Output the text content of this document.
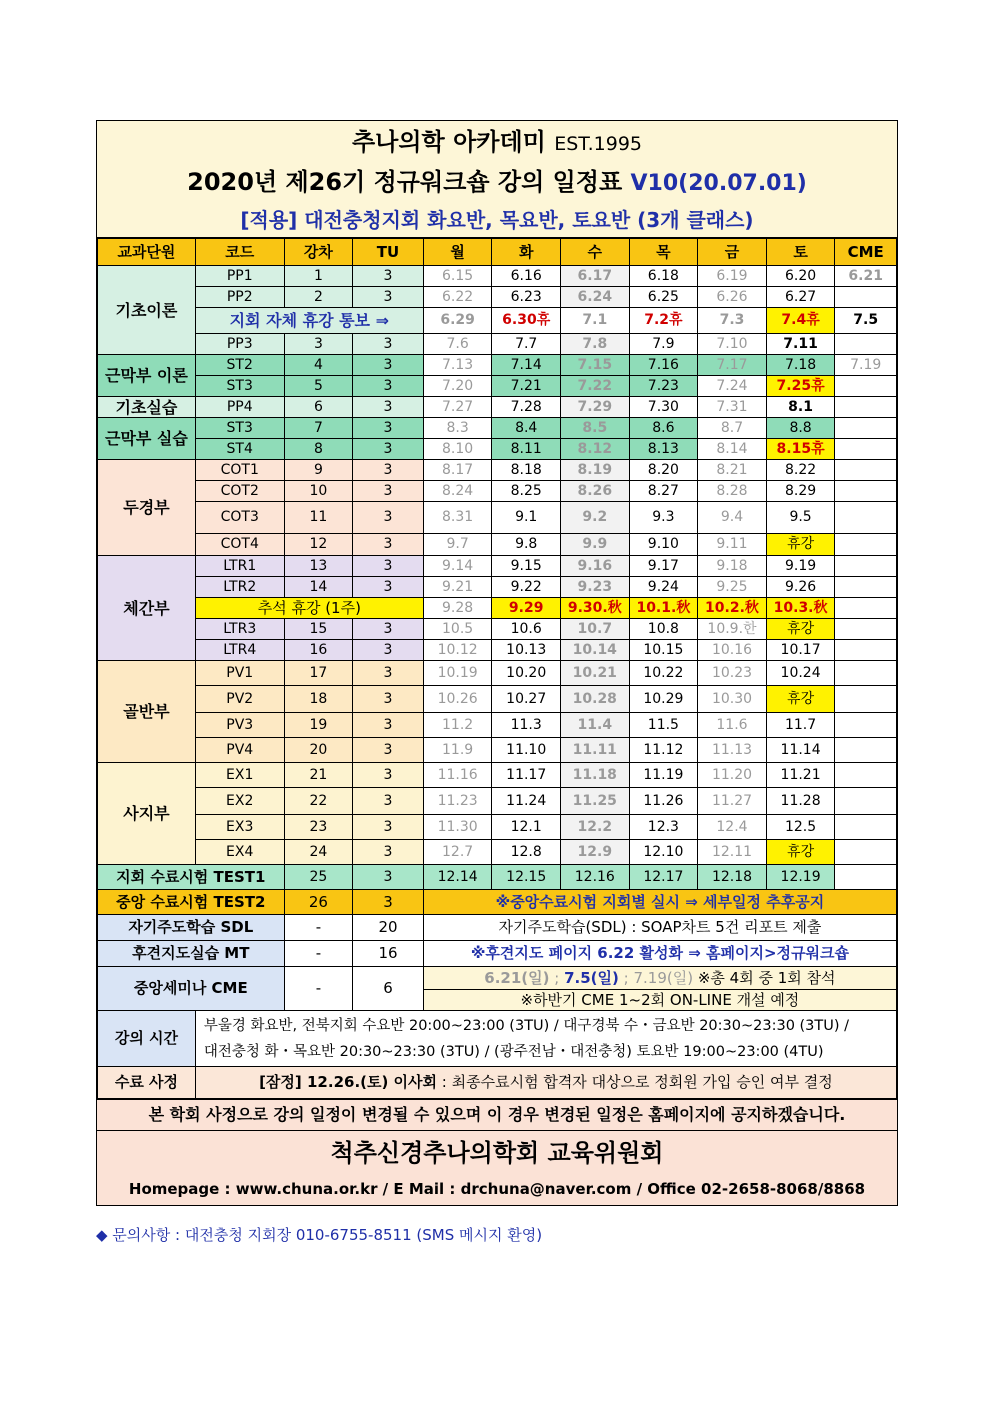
추나의학 아카데미 EST.1995
2020년 제26기 정규워크숍 강의 일정표 V10(20.07.01)
[적용] 대전충청지회 화요반, 목요반, 토요반 (3개 클래스)
교과단원	코드	강차	TU	월	화	수	목	금	토	CME
기초이론	PP1	1	3	6.15	6.16	6.17	6.18	6.19	6.20	6.21
	PP2	2	3	6.22	6.23	6.24	6.25	6.26	6.27	
	지회 자체 휴강 통보 ⇒			6.29	6.30휴	7.1	7.2휴	7.3	7.4휴	7.5
	PP3	3	3	7.6	7.7	7.8	7.9	7.10	7.11	
근막부 이론	ST2	4	3	7.13	7.14	7.15	7.16	7.17	7.18	7.19
	ST3	5	3	7.20	7.21	7.22	7.23	7.24	7.25휴	
기초실습	PP4	6	3	7.27	7.28	7.29	7.30	7.31	8.1	
근막부 실습	ST3	7	3	8.3	8.4	8.5	8.6	8.7	8.8	
	ST4	8	3	8.10	8.11	8.12	8.13	8.14	8.15휴	
두경부	COT1	9	3	8.17	8.18	8.19	8.20	8.21	8.22	
	COT2	10	3	8.24	8.25	8.26	8.27	8.28	8.29	
	COT3	11	3	8.31	9.1	9.2	9.3	9.4	9.5	
	COT4	12	3	9.7	9.8	9.9	9.10	9.11	휴강	
체간부	LTR1	13	3	9.14	9.15	9.16	9.17	9.18	9.19	
	LTR2	14	3	9.21	9.22	9.23	9.24	9.25	9.26	
	추석 휴강 (1주)			9.28	9.29	9.30.秋	10.1.秋	10.2.秋	10.3.秋	
	LTR3	15	3	10.5	10.6	10.7	10.8	10.9.한	휴강	
	LTR4	16	3	10.12	10.13	10.14	10.15	10.16	10.17	
골반부	PV1	17	3	10.19	10.20	10.21	10.22	10.23	10.24	
	PV2	18	3	10.26	10.27	10.28	10.29	10.30	휴강	
	PV3	19	3	11.2	11.3	11.4	11.5	11.6	11.7	
	PV4	20	3	11.9	11.10	11.11	11.12	11.13	11.14	
사지부	EX1	21	3	11.16	11.17	11.18	11.19	11.20	11.21	
	EX2	22	3	11.23	11.24	11.25	11.26	11.27	11.28	
	EX3	23	3	11.30	12.1	12.2	12.3	12.4	12.5	
	EX4	24	3	12.7	12.8	12.9	12.10	12.11	휴강	
지회 수료시험 TEST1		25	3	12.14	12.15	12.16	12.17	12.18	12.19	
중앙 수료시험 TEST2		26	3	※중앙수료시험 지회별 실시 ⇒ 세부일정 추후공지						
자기주도학습 SDL		-	20	자기주도학습(SDL) : SOAP차트 5건 리포트 제출						
후견지도실습 MT		-	16	※후견지도 페이지 6.22 활성화 ⇒ 홈페이지>정규워크숍						
중앙세미나 CME		-	6	6.21(일) ; 7.5(일) ; 7.19(일) ※총 4회 중 1회 참석						
				※하반기 CME 1~2회 ON-LINE 개설 예정						
강의 시간	부울경 화요반, 전북지회 수요반 20:00~23:00 (3TU) / 대구경북 수・금요반 20:30~23:30 (3TU) /
대전충청 화・목요반 20:30~23:30 (3TU) / (광주전남・대전충청) 토요반 19:00~23:00 (4TU)									

수료 사정	[잠정] 12.26.(토) 이사회 : 최종수료시험 합격자 대상으로 정회원 가입 승인 여부 결정									
본 학회 사정으로 강의 일정이 변경될 수 있으며 이 경우 변경된 일정은 홈페이지에 공지하겠습니다.
척추신경추나의학회 교육위원회
Homepage : www.chuna.or.kr / E Mail : drchuna@naver.com / Office 02-2658-8068/8868
◆ 문의사항 : 대전충청 지회장 010-6755-8511 (SMS 메시지 환영)
